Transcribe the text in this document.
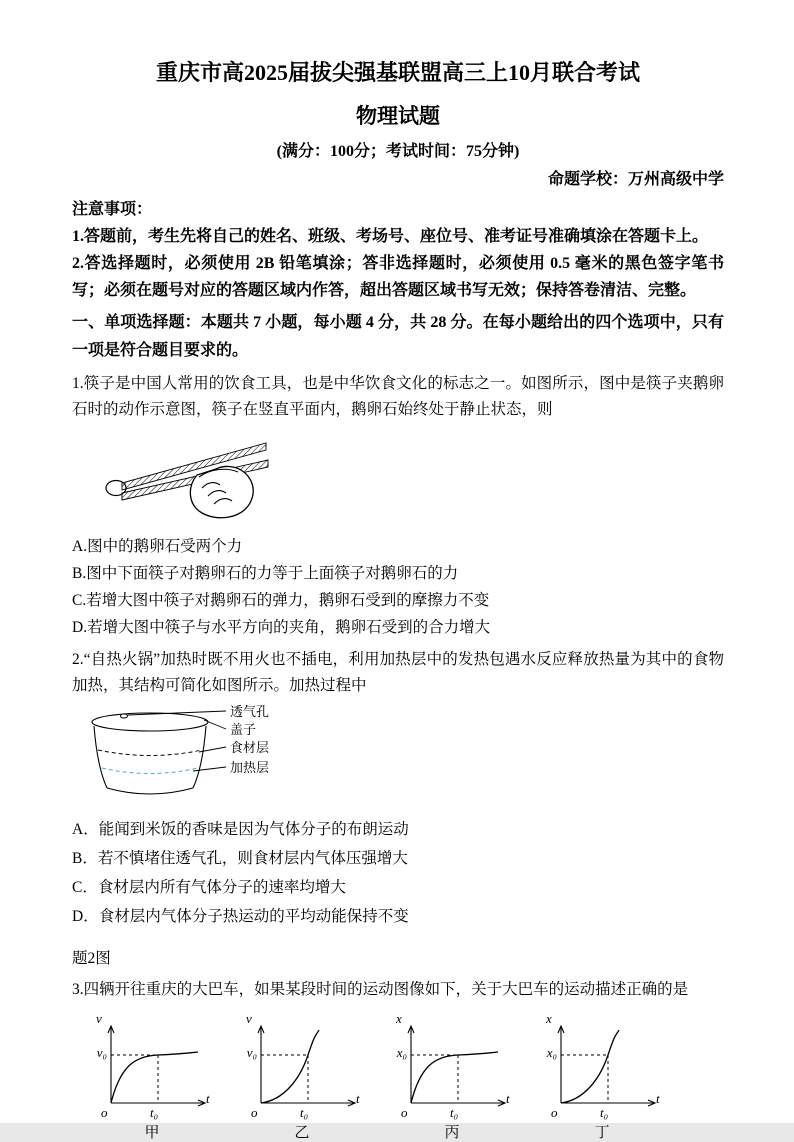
重庆市高2025届拔尖强基联盟高三上10月联合考试
物理试题
(满分：100分；考试时间：75分钟)
命题学校：万州高级中学
注意事项：
1.答题前，考生先将自己的姓名、班级、考场号、座位号、准考证号准确填涂在答题卡上。
2.答选择题时，必须使用 2B 铅笔填涂；答非选择题时，必须使用 0.5 毫米的黑色签字笔书写；必须在题号对应的答题区域内作答，超出答题区域书写无效；保持答卷清洁、完整。
一、单项选择题：本题共 7 小题，每小题 4 分，共 28 分。在每小题给出的四个选项中，只有一项是符合题目要求的。
1.筷子是中国人常用的饮食工具，也是中华饮食文化的标志之一。如图所示，图中是筷子夹鹅卵石时的动作示意图，筷子在竖直平面内，鹅卵石始终处于静止状态，则
A.图中的鹅卵石受两个力
B.图中下面筷子对鹅卵石的力等于上面筷子对鹅卵石的力
C.若增大图中筷子对鹅卵石的弹力，鹅卵石受到的摩擦力不变
D.若增大图中筷子与水平方向的夹角，鹅卵石受到的合力增大
2.“自热火锅”加热时既不用火也不插电，利用加热层中的发热包遇水反应释放热量为其中的食物加热，其结构可简化如图所示。加热过程中
透气孔
盖子
食材层
加热层
A．能闻到米饭的香味是因为气体分子的布朗运动
B．若不慎堵住透气孔，则食材层内气体压强增大
C．食材层内所有气体分子的速率均增大
D．食材层内气体分子热运动的平均动能保持不变
题2图
3.四辆开往重庆的大巴车，如果某段时间的运动图像如下，关于大巴车的运动描述正确的是
v
t
v₀
t₀
o
甲
v
t
v₀
t₀
o
乙
x
t
x₀
t₀
o
丙
x
t
x₀
t₀
o
丁
